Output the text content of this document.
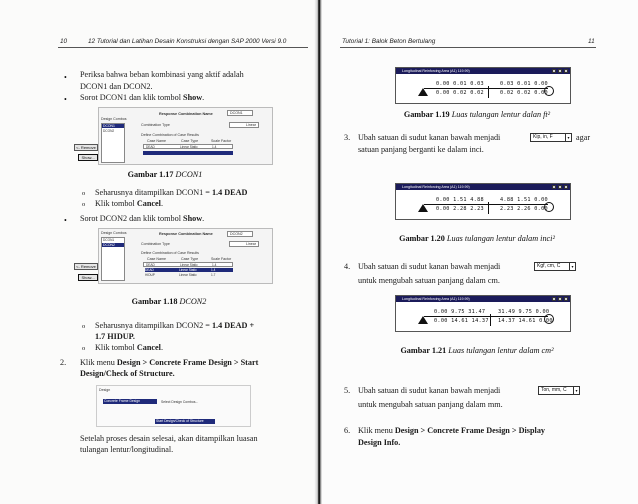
10	12 Tutorial dan Latihan Desain Konstruksi dengan SAP 2000 Versi 9.0
• Periksa bahwa beban kombinasi yang aktif adalah
DCON1 dan DCON2.
• Sorot DCON1 dan klik tombol Show.
Response Combination Name	DCON1
Design Combos
DCON1
DCON2
Combination Type	Linear
Define Combination of Case Results
Case Name	Case Type	Scale Factor
DEAD	Linear Static	1.4
<- Remove
Show...
Gambar 1.17 DCON1
o Seharusnya ditampilkan DCON1 = 1.4 DEAD
o Klik tombol Cancel.
• Sorot DCON2 dan klik tombol Show.
Design Combos	Response Combination Name	DCON2
DCON1
DCON2	Combination Type	Linear
Define Combination of Case Results
Case Name	Case Type	Scale Factor
DEAD	Linear Static	1.4
DEAD	Linear Static	1.4
HIDUP	Linear Static	1.7
<- Remove
Show...
Gambar 1.18 DCON2
o Seharusnya ditampilkan DCON2 = 1.4 DEAD +
1.7 HIDUP.
o Klik tombol Cancel.
2. Klik menu Design > Concrete Frame Design > Start
Design/Check of Structure.
Design
Concrete Frame Design	Select Design Combos...
Start Design/Check of Structure
Setelah proses desain selesai, akan ditampilkan luasan
tulangan lentur/longitudinal.
Tutorial 1: Balok Beton Bertulang	11
Longitudinal Reinforcing Area (A1) 119.99)
0.00 0.01 0.03	0.03 0.01 0.00
0.00 0.02 0.02	0.02 0.02 0.00
Gambar 1.19 Luas tulangan lentur dalan ft²
3. Ubah satuan di sudut kanan bawah menjadi	Kip, in, F	▾ agar
satuan panjang berganti ke dalam inci.
Longitudinal Reinforcing Area (A1) 119.99)
0.00 1.51 4.88	4.88 1.51 0.00
0.00 2.28 2.23	2.23 2.26 0.00
Gambar 1.20 Luas tulangan lentur dalam inci²
4. Ubah satuan di sudut kanan bawah menjadi	Kgf, cm, C	▾
untuk mengubah satuan panjang dalam cm.
Longitudinal Reinforcing Area (A1) 119.99)
0.00 9.75 31.47 31.49 9.75 0.00
0.00 14.61 14.37 14.37 14.61 0.00
Gambar 1.21 Luas tulangan lentur dalam cm²
5. Ubah satuan di sudut kanan bawah menjadi	Ton, mm, C	▾
untuk mengubah satuan panjang dalam mm.
6. Klik menu Design > Concrete Frame Design > Display
Design Info.
